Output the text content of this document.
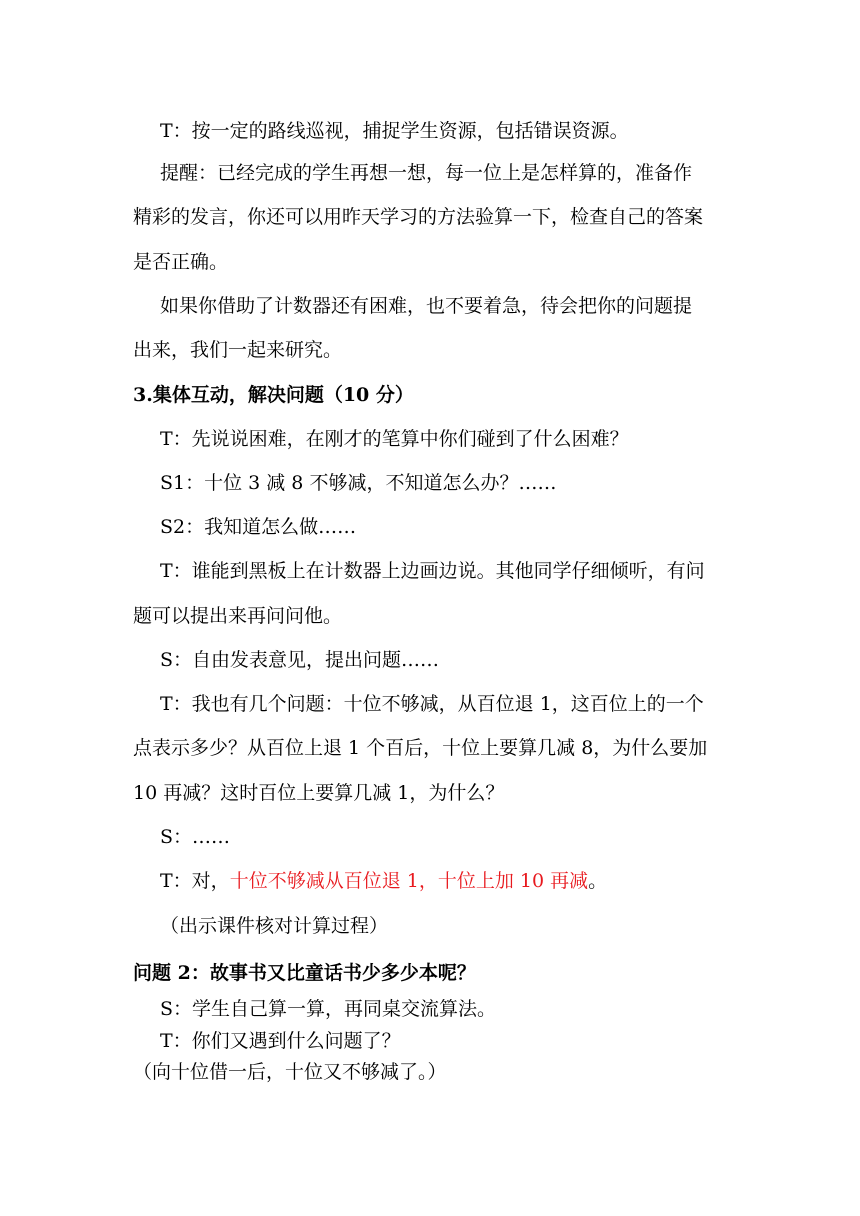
T：按一定的路线巡视，捕捉学生资源，包括错误资源。
提醒：已经完成的学生再想一想，每一位上是怎样算的，准备作
精彩的发言，你还可以用昨天学习的方法验算一下，检查自己的答案
是否正确。
如果你借助了计数器还有困难，也不要着急，待会把你的问题提
出来，我们一起来研究。
3.集体互动，解决问题（10 分）
T：先说说困难，在刚才的笔算中你们碰到了什么困难？
S1：十位 3 减 8 不够减，不知道怎么办？……
S2：我知道怎么做……
T：谁能到黑板上在计数器上边画边说。其他同学仔细倾听，有问
题可以提出来再问问他。
S：自由发表意见，提出问题……
T：我也有几个问题：十位不够减，从百位退 1，这百位上的一个
点表示多少？从百位上退 1 个百后，十位上要算几减 8，为什么要加
10 再减？这时百位上要算几减 1，为什么？
S：……
T：对，十位不够减从百位退 1，十位上加 10 再减。
（出示课件核对计算过程）
问题 2：故事书又比童话书少多少本呢？
S：学生自己算一算，再同桌交流算法。
T：你们又遇到什么问题了？
（向十位借一后，十位又不够减了。）
